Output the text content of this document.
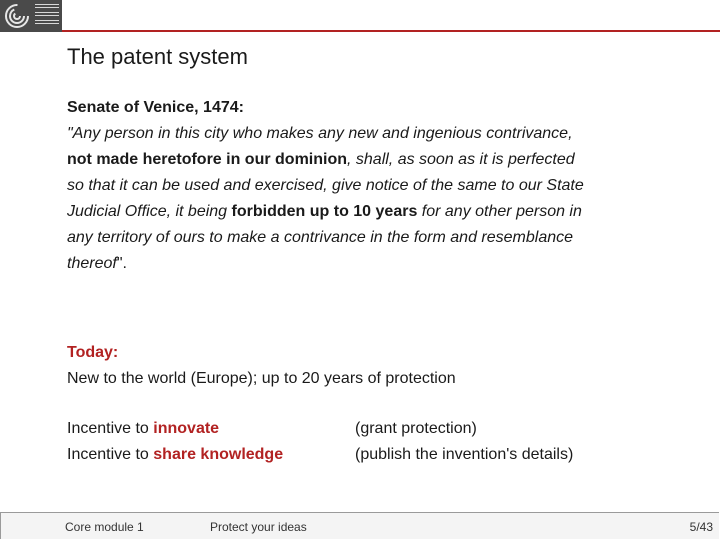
The patent system
Senate of Venice, 1474:
"Any person in this city who makes any new and ingenious contrivance, not made heretofore in our dominion, shall, as soon as it is perfected so that it can be used and exercised, give notice of the same to our State Judicial Office, it being forbidden up to 10 years for any other person in any territory of ours to make a contrivance in the form and resemblance thereof".
Today:
New to the world (Europe); up to 20 years of protection
Incentive to innovate
Incentive to share knowledge
(grant protection)
(publish the invention's details)
Core module 1	Protect your ideas	5/43
